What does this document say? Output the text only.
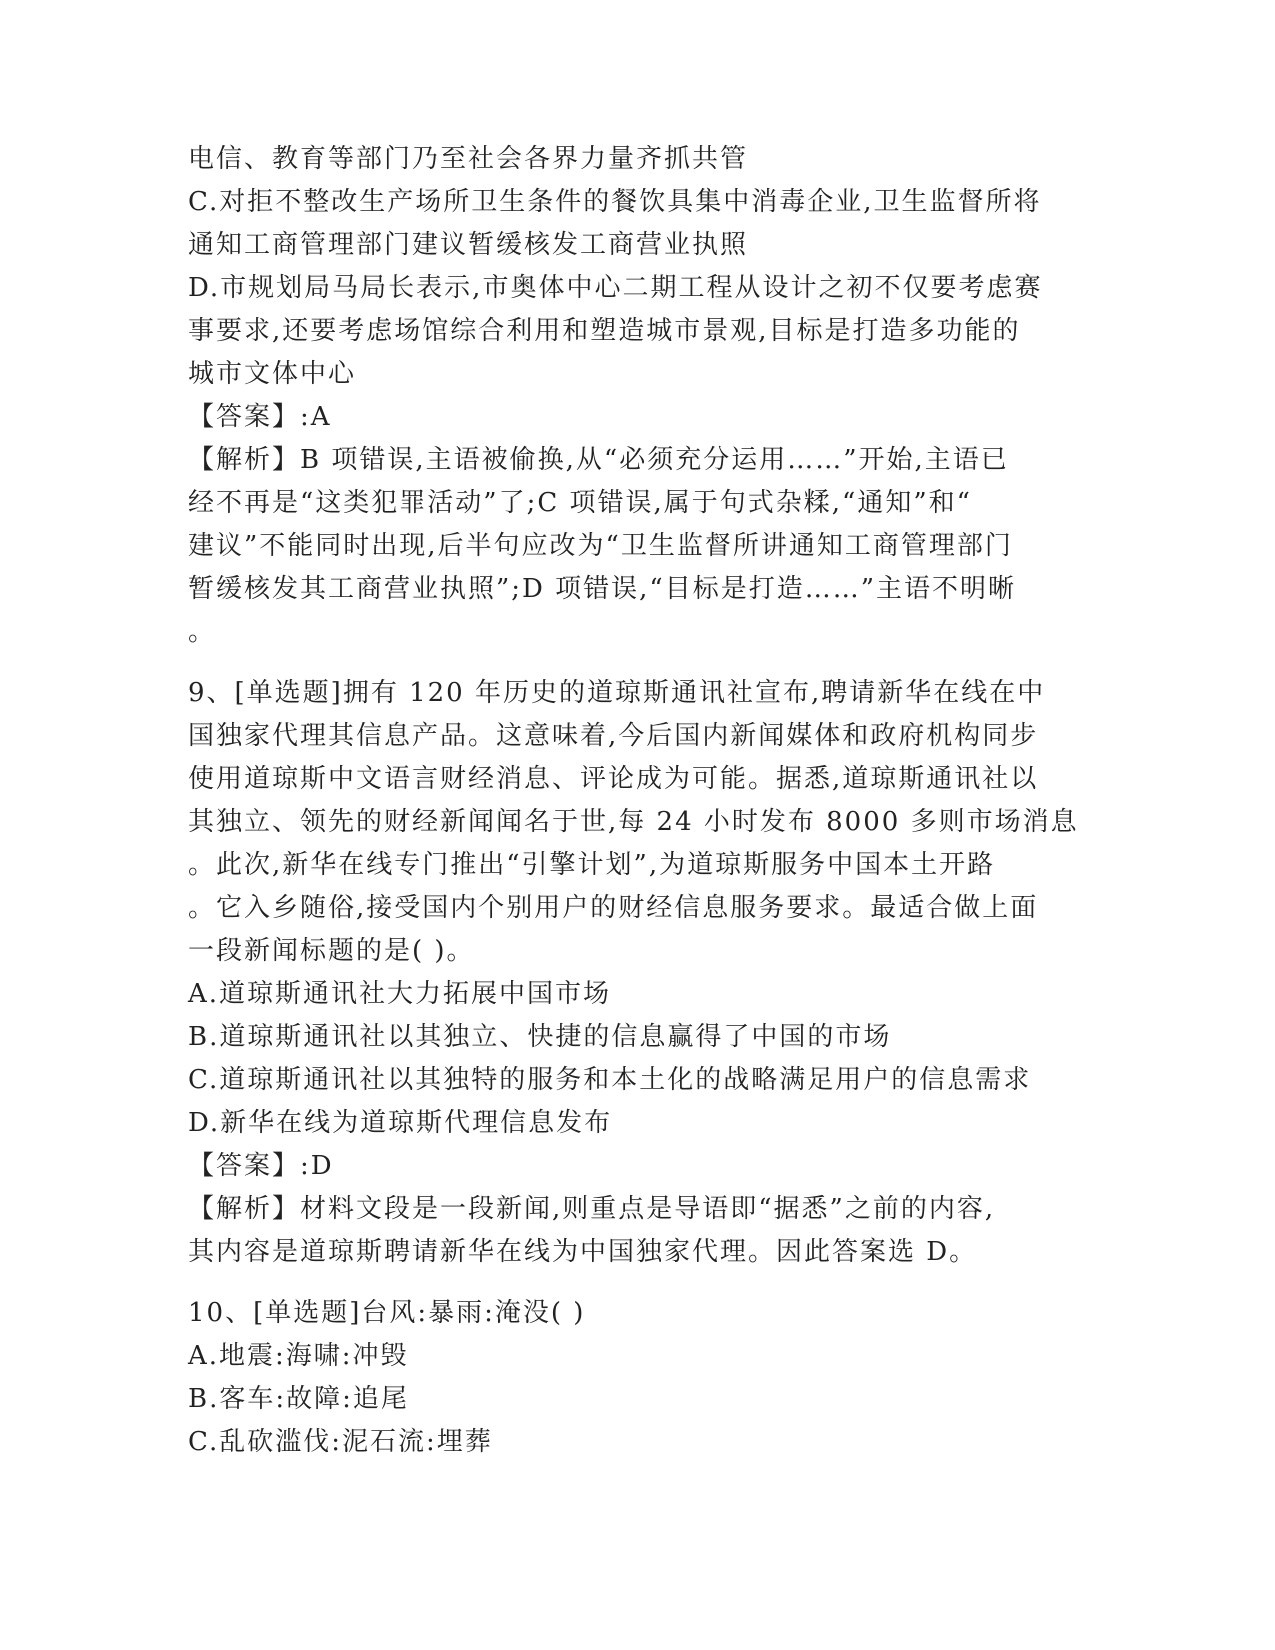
电信、教育等部门乃至社会各界力量齐抓共管
C.对拒不整改生产场所卫生条件的餐饮具集中消毒企业,卫生监督所将
通知工商管理部门建议暂缓核发工商营业执照
D.市规划局马局长表示,市奥体中心二期工程从设计之初不仅要考虑赛
事要求,还要考虑场馆综合利用和塑造城市景观,目标是打造多功能的
城市文体中心
【答案】:A
【解析】B 项错误,主语被偷换,从“必须充分运用……”开始,主语已
经不再是“这类犯罪活动”了;C 项错误,属于句式杂糅,“通知”和“
建议”不能同时出现,后半句应改为“卫生监督所讲通知工商管理部门
暂缓核发其工商营业执照”;D 项错误,“目标是打造……”主语不明晰
。
9、[单选题]拥有 120 年历史的道琼斯通讯社宣布,聘请新华在线在中
国独家代理其信息产品。这意味着,今后国内新闻媒体和政府机构同步
使用道琼斯中文语言财经消息、评论成为可能。据悉,道琼斯通讯社以
其独立、领先的财经新闻闻名于世,每 24 小时发布 8000 多则市场消息
。此次,新华在线专门推出“引擎计划”,为道琼斯服务中国本土开路
。它入乡随俗,接受国内个别用户的财经信息服务要求。最适合做上面
一段新闻标题的是( )。
A.道琼斯通讯社大力拓展中国市场
B.道琼斯通讯社以其独立、快捷的信息赢得了中国的市场
C.道琼斯通讯社以其独特的服务和本土化的战略满足用户的信息需求
D.新华在线为道琼斯代理信息发布
【答案】:D
【解析】材料文段是一段新闻,则重点是导语即“据悉”之前的内容,
其内容是道琼斯聘请新华在线为中国独家代理。因此答案选 D。
10、[单选题]台风:暴雨:淹没( )
A.地震:海啸:冲毁
B.客车:故障:追尾
C.乱砍滥伐:泥石流:埋葬
